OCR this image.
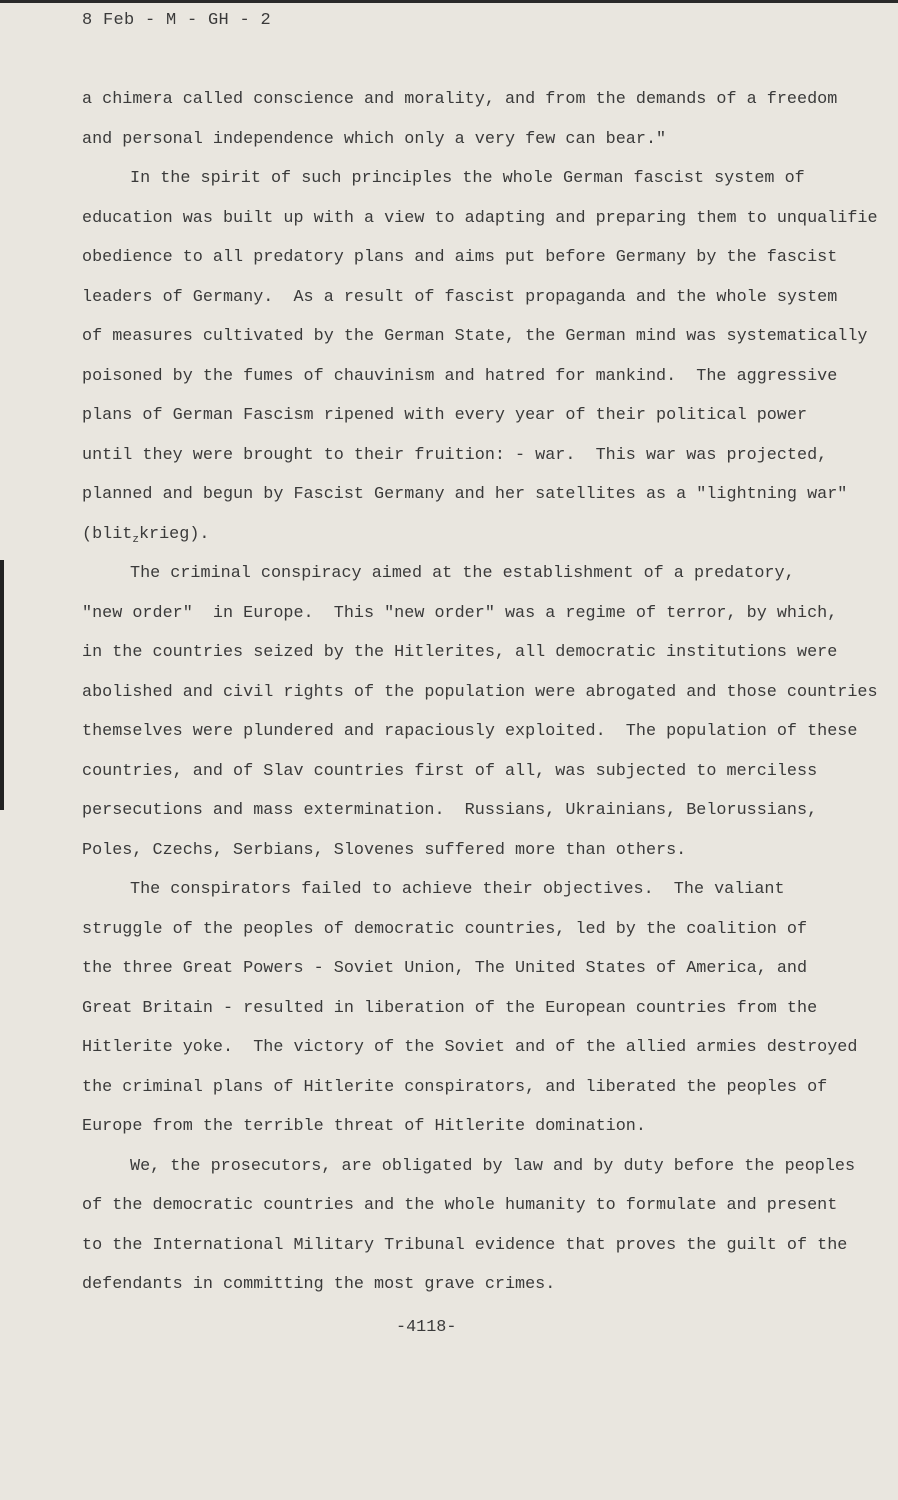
8 Feb - M - GH - 2
a chimera called conscience and morality, and from the demands of a freedom
and personal independence which only a very few can bear."
In the spirit of such principles the whole German fascist system of
education was built up with a view to adapting and preparing them to unqualifie
obedience to all predatory plans and aims put before Germany by the fascist
leaders of Germany.  As a result of fascist propaganda and the whole system
of measures cultivated by the German State, the German mind was systematically
poisoned by the fumes of chauvinism and hatred for mankind.  The aggressive
plans of German Fascism ripened with every year of their political power
until they were brought to their fruition: - war.  This war was projected,
planned and begun by Fascist Germany and her satellites as a "lightning war"
(blit$_z$krieg).
The criminal conspiracy aimed at the establishment of a predatory,
"new order"  in Europe.  This "new order" was a regime of terror, by which,
in the countries seized by the Hitlerites, all democratic institutions were
abolished and civil rights of the population were abrogated and those countries
themselves were plundered and rapaciously exploited.  The population of these
countries, and of Slav countries first of all, was subjected to merciless
persecutions and mass extermination.  Russians, Ukrainians, Belorussians,
Poles, Czechs, Serbians, Slovenes suffered more than others.
The conspirators failed to achieve their objectives.  The valiant
struggle of the peoples of democratic countries, led by the coalition of
the three Great Powers - Soviet Union, The United States of America, and
Great Britain - resulted in liberation of the European countries from the
Hitlerite yoke.  The victory of the Soviet and of the allied armies destroyed
the criminal plans of Hitlerite conspirators, and liberated the peoples of
Europe from the terrible threat of Hitlerite domination.
We, the prosecutors, are obligated by law and by duty before the peoples
of the democratic countries and the whole humanity to formulate and present
to the International Military Tribunal evidence that proves the guilt of the
defendants in committing the most grave crimes.
-4118-
